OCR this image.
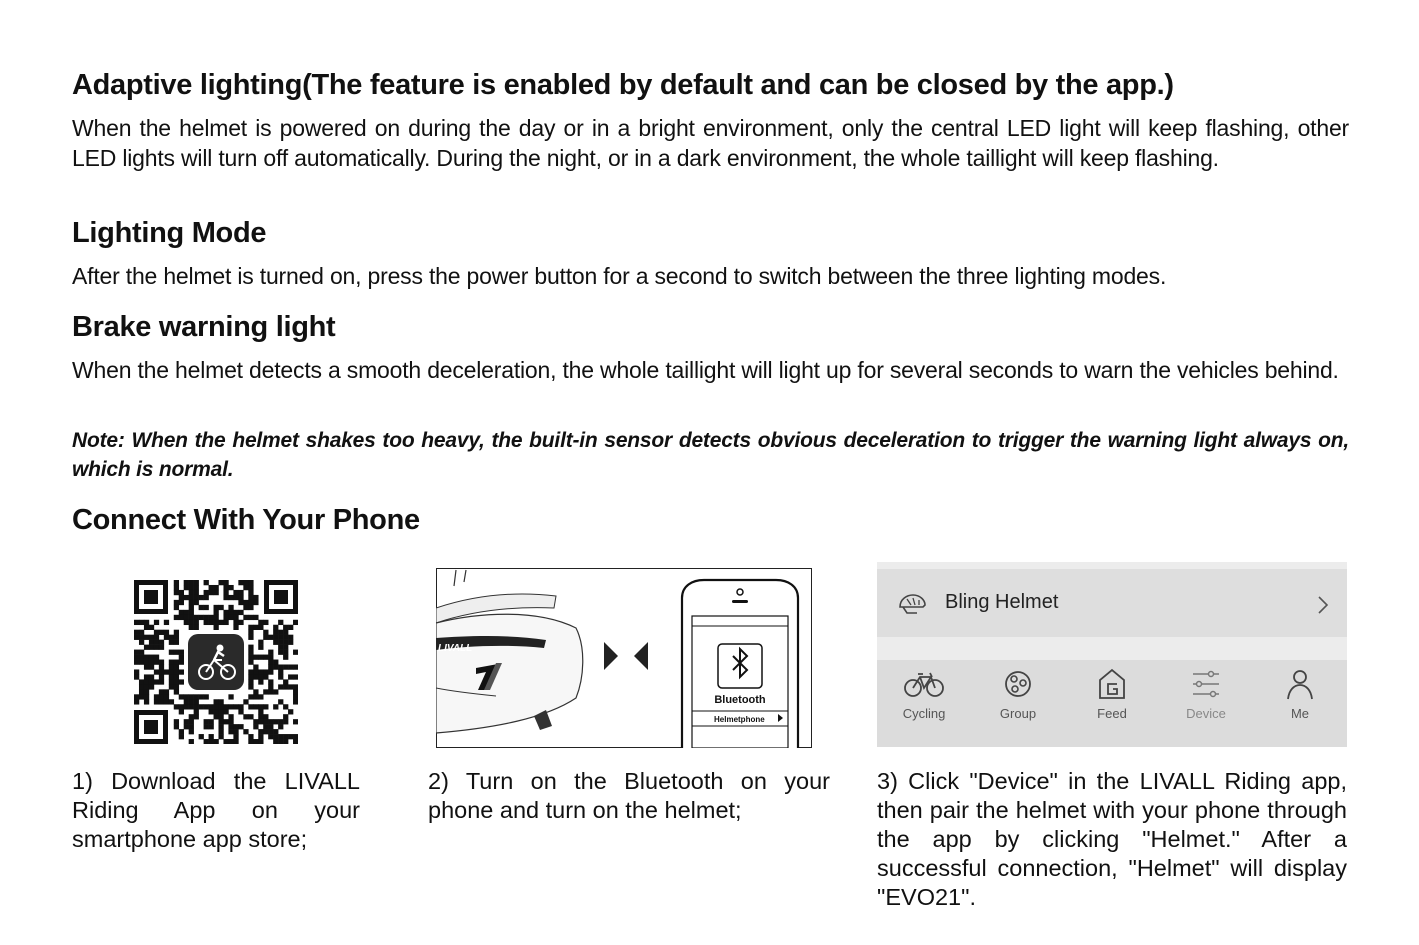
Adaptive lighting(The feature is enabled by default and can be closed by the app.)

When the helmet is powered on during the day or in a bright environment, only the central LED light will keep flashing, other LED lights will turn off automatically. During the night, or in a dark environment, the whole taillight will keep flashing.

Lighting Mode

After the helmet is turned on, press the power button for a second to switch between the three lighting modes.

Brake warning light

When the helmet detects a smooth deceleration, the whole taillight will light up for several seconds to warn the vehicles behind.

Note: When the helmet shakes too heavy, the built-in sensor detects obvious deceleration to trigger the warning light always on, which is normal.

Connect With Your Phone
LIVALL
Bluetooth
Helmetphone
Bling Helmet
Cycling	Group	Feed	Device	Me

1) Download the LIVALL Riding App on your smartphone app store;

2) Turn on the Bluetooth on your phone and turn on the helmet;

3) Click "Device" in the LIVALL Riding app, then pair the helmet with your phone through the app by clicking "Helmet." After a successful connection, "Helmet" will display "EVO21".
